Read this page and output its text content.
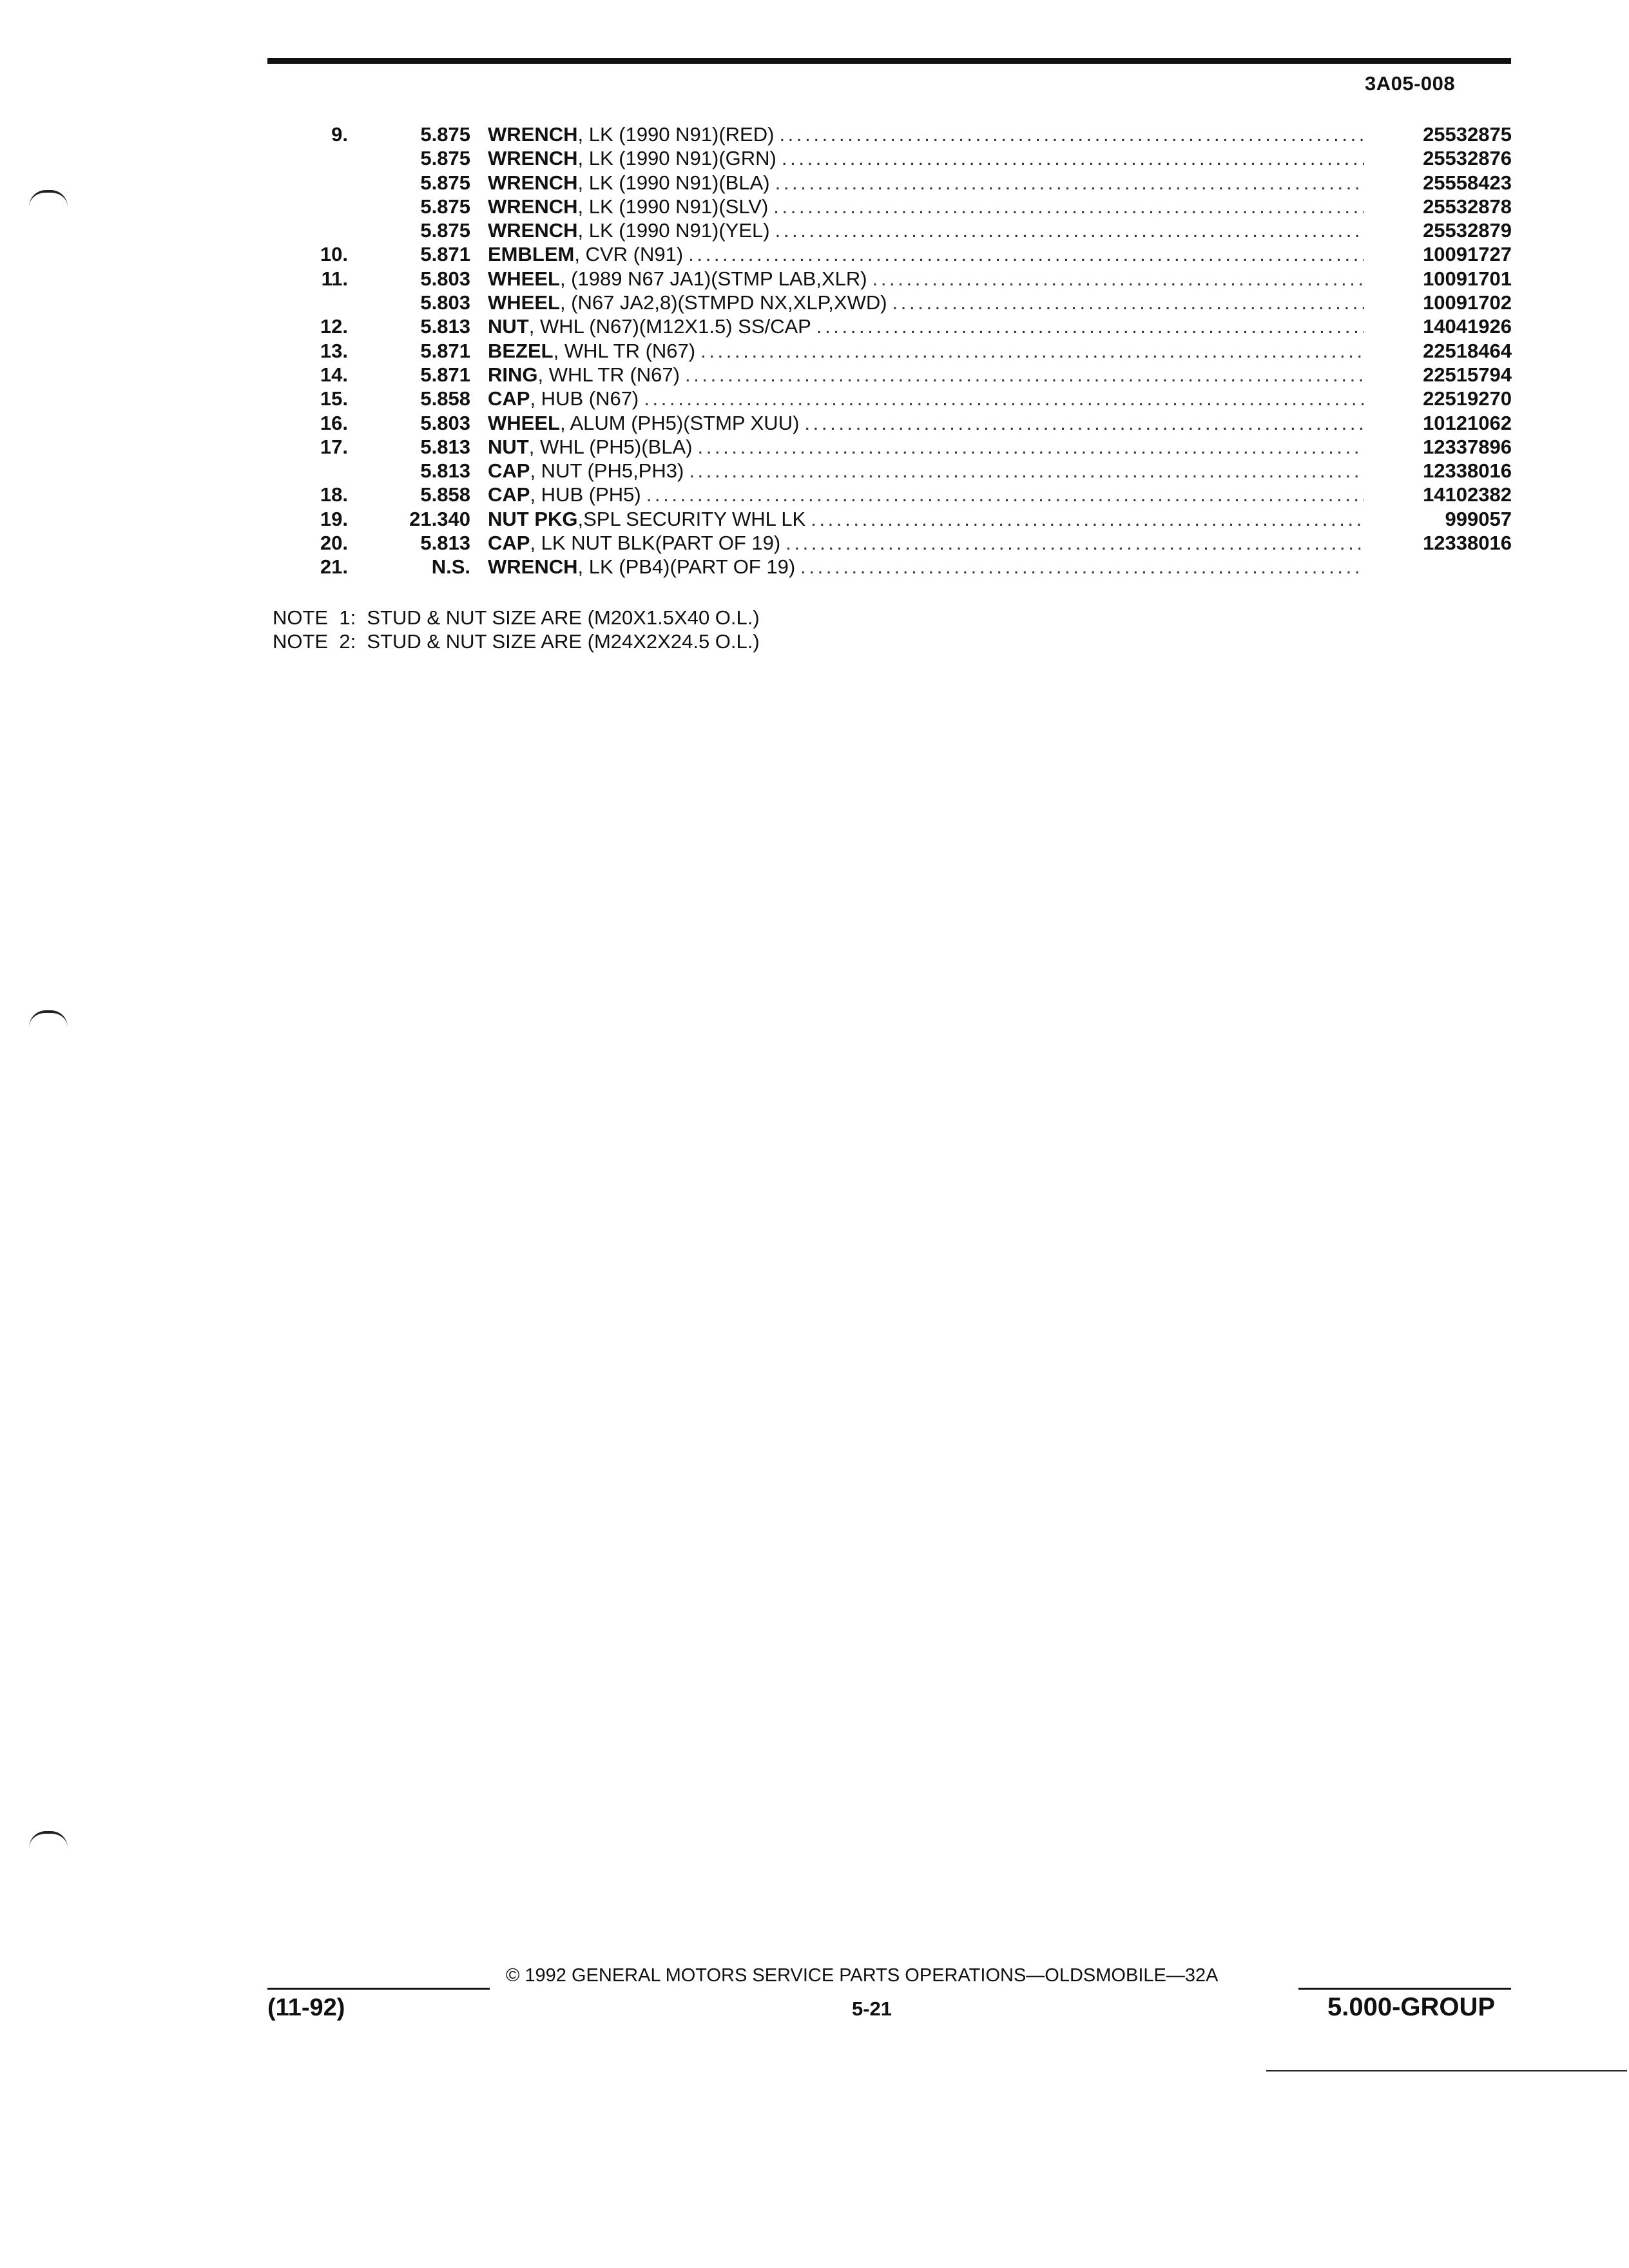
3A05-008
9.	5.875 WRENCH , LK (1990 N91)(RED) . . .	25532875
5.875 WRENCH , LK (1990 N91)(GRN) . . .	25532876
5.875 WRENCH , LK (1990 N91)(BLA) . . .	25558423
5.875 WRENCH , LK (1990 N91)(SLV) . . .	25532878
5.875 WRENCH , LK (1990 N91)(YEL) . . .	25532879
10.	5.871 EMBLEM , CVR (N91) . . .	10091727
11.	5.803 WHEEL , (1989 N67 JA1)(STMP LAB,XLR) . . .	10091701
5.803 WHEEL , (N67 JA2,8)(STMPD NX,XLP,XWD) . . .	10091702
12.	5.813 NUT , WHL (N67)(M12X1.5) SS/CAP . . .	14041926
13.	5.871 BEZEL , WHL TR (N67) . . .	22518464
14.	5.871 RING , WHL TR (N67) . . .	22515794
15.	5.858 CAP , HUB (N67) . . .	22519270
16.	5.803 WHEEL , ALUM (PH5)(STMP XUU) . . .	10121062
17.	5.813 NUT , WHL (PH5)(BLA) . . .	12337896
5.813 CAP , NUT (PH5,PH3) . . .	12338016
18.	5.858 CAP , HUB (PH5) . . .	14102382
19.	21.340 NUT PKG ,SPL SECURITY WHL LK . . .	999057
20.	5.813 CAP , LK NUT BLK(PART OF 19) . . .	12338016
21.	N.S. WRENCH , LK (PB4)(PART OF 19)
. . .
NOTE  1:  STUD & NUT SIZE ARE (M20X1.5X40 O.L.)
NOTE  2:  STUD & NUT SIZE ARE (M24X2X24.5 O.L.)
© 1992 GENERAL MOTORS SERVICE PARTS OPERATIONS—OLDSMOBILE—32A
(11-92)	5-21	5.000-GROUP
